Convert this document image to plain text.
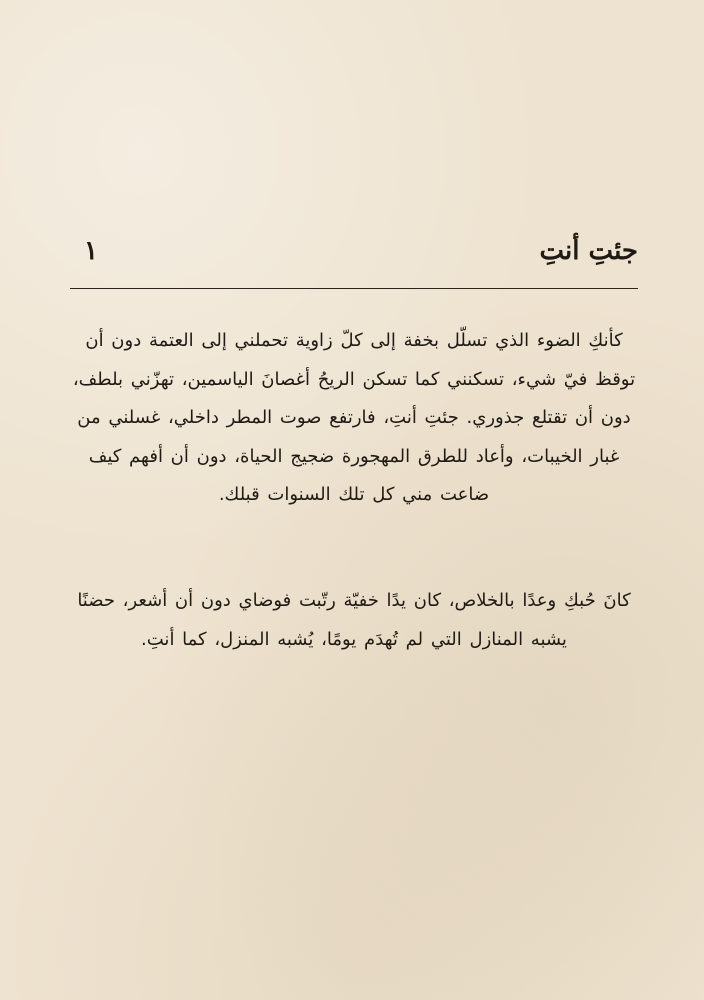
جئتِ أنتِ
١

كأنكِ الضوء الذي تسلّل بخفة إلى كلّ زاوية تحملني إلى العتمة دون أن توقظ فيّ شيء، تسكنني كما تسكن الريحُ أغصانَ الياسمين، تهزّني بلطف، دون أن تقتلع جذوري. جئتِ أنتِ، فارتفع صوت المطر داخلي، غسلني من غبار الخيبات، وأعاد للطرق المهجورة ضجيج الحياة، دون أن أفهم كيف ضاعت مني كل تلك السنوات قبلك.

كانَ حُبكِ وعدًا بالخلاص، كان يدًا خفيّة رتّبت فوضاي دون أن أشعر، حضنًا يشبه المنازل التي لم تُهدَم يومًا، يُشبه المنزل، كما أنتِ.
